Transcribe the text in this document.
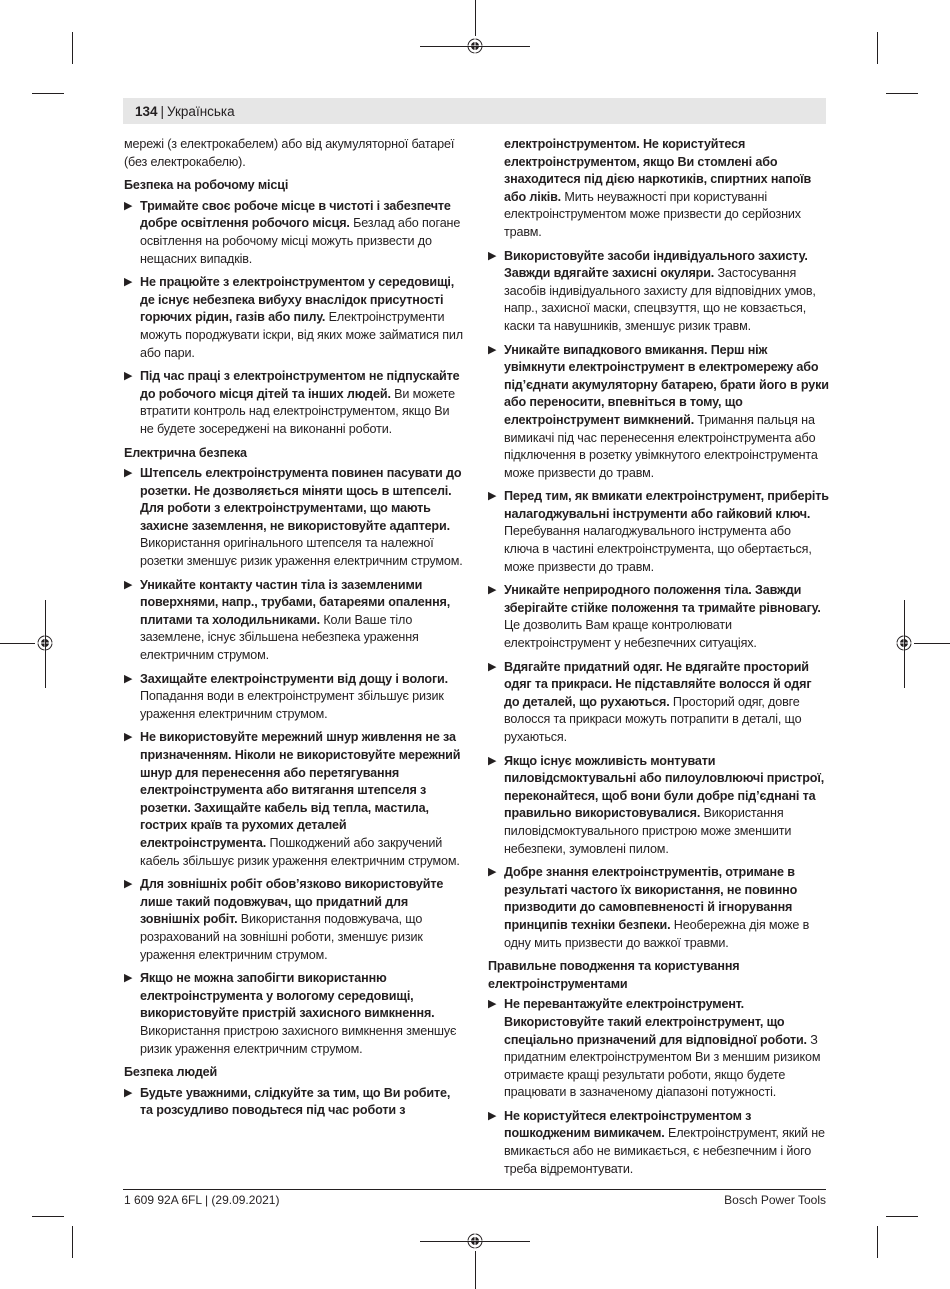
134 | Українська

мережі (з електрокабелем) або від акумуляторної батареї (без електрокабелю).

Безпека на робочому місці
▶ Тримайте своє робоче місце в чистоті і забезпечте добре освітлення робочого місця. Безлад або погане освітлення на робочому місці можуть призвести до нещасних випадків.
▶ Не працюйте з електроінструментом у середовищі, де існує небезпека вибуху внаслідок присутності горючих рідин, газів або пилу. Електроінструменти можуть породжувати іскри, від яких може займатися пил або пари.
▶ Під час праці з електроінструментом не підпускайте до робочого місця дітей та інших людей. Ви можете втратити контроль над електроінструментом, якщо Ви не будете зосереджені на виконанні роботи.
Електрична безпека
▶ Штепсель електроінструмента повинен пасувати до розетки. Не дозволяється міняти щось в штепселі. Для роботи з електроінструментами, що мають захисне заземлення, не використовуйте адаптери. Використання оригінального штепселя та належної розетки зменшує ризик ураження електричним струмом.
▶ Уникайте контакту частин тіла із заземленими поверхнями, напр., трубами, батареями опалення, плитами та холодильниками. Коли Ваше тіло заземлене, існує збільшена небезпека ураження електричним струмом.
▶ Захищайте електроінструменти від дощу і вологи. Попадання води в електроінструмент збільшує ризик ураження електричним струмом.
▶ Не використовуйте мережний шнур живлення не за призначенням. Ніколи не використовуйте мережний шнур для перенесення або перетягування електроінструмента або витягання штепселя з розетки. Захищайте кабель від тепла, мастила, гострих країв та рухомих деталей електроінструмента. Пошкоджений або закручений кабель збільшує ризик ураження електричним струмом.
▶ Для зовнішніх робіт обов’язково використовуйте лише такий подовжувач, що придатний для зовнішніх робіт. Використання подовжувача, що розрахований на зовнішні роботи, зменшує ризик ураження електричним струмом.
▶ Якщо не можна запобігти використанню електроінструмента у вологому середовищі, використовуйте пристрій захисного вимкнення. Використання пристрою захисного вимкнення зменшує ризик ураження електричним струмом.
Безпека людей
▶ Будьте уважними, слідкуйте за тим, що Ви робите, та розсудливо поводьтеся під час роботи з
електроінструментом. Не користуйтеся електроінструментом, якщо Ви стомлені або знаходитеся під дією наркотиків, спиртних напоїв або ліків. Мить неуважності при користуванні електроінструментом може призвести до серйозних травм.
▶ Використовуйте засоби індивідуального захисту. Завжди вдягайте захисні окуляри. Застосування засобів індивідуального захисту для відповідних умов, напр., захисної маски, спецвзуття, що не ковзається, каски та навушників, зменшує ризик травм.
▶ Уникайте випадкового вмикання. Перш ніж увімкнути електроінструмент в електромережу або під’єднати акумуляторну батарею, брати його в руки або переносити, впевніться в тому, що електроінструмент вимкнений. Тримання пальця на вимикачі під час перенесення електроінструмента або підключення в розетку увімкнутого електроінструмента може призвести до травм.
▶ Перед тим, як вмикати електроінструмент, приберіть налагоджувальні інструменти або гайковий ключ. Перебування налагоджувального інструмента або ключа в частині електроінструмента, що обертається, може призвести до травм.
▶ Уникайте неприродного положення тіла. Завжди зберігайте стійке положення та тримайте рівновагу. Це дозволить Вам краще контролювати електроінструмент у небезпечних ситуаціях.
▶ Вдягайте придатний одяг. Не вдягайте просторий одяг та прикраси. Не підставляйте волосся й одяг до деталей, що рухаються. Просторий одяг, довге волосся та прикраси можуть потрапити в деталі, що рухаються.
▶ Якщо існує можливість монтувати пиловідсмоктувальні або пилоуловлюючі пристрої, переконайтеся, щоб вони були добре під’єднані та правильно використовувалися. Використання пиловідсмоктувального пристрою може зменшити небезпеки, зумовлені пилом.
▶ Добре знання електроінструментів, отримане в результаті частого їх використання, не повинно призводити до самовпевненості й ігнорування принципів техніки безпеки. Необережна дія може в одну мить призвести до важкої травми.
Правильне поводження та користування електроінструментами
▶ Не перевантажуйте електроінструмент. Використовуйте такий електроінструмент, що спеціально призначений для відповідної роботи. З придатним електроінструментом Ви з меншим ризиком отримаєте кращі результати роботи, якщо будете працювати в зазначеному діапазоні потужності.
▶ Не користуйтеся електроінструментом з пошкодженим вимикачем. Електроінструмент, який не вмикається або не вимикається, є небезпечним і його треба відремонтувати.
1 609 92A 6FL | (29.09.2021)	Bosch Power Tools
